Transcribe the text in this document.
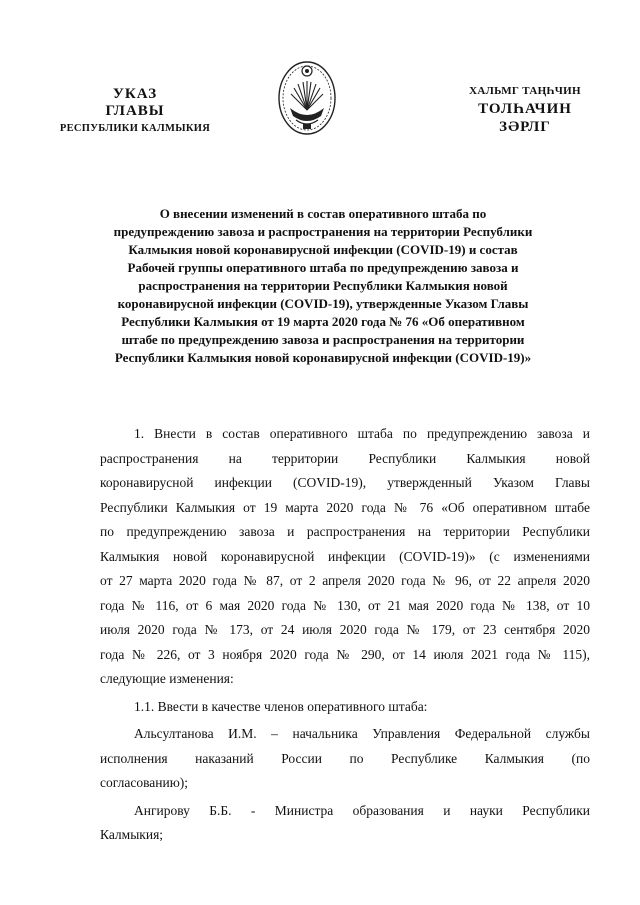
УКАЗ
ГЛАВЫ
РЕСПУБЛИКИ КАЛМЫКИЯ
ХАЛЬМГ ТАҢҺЧИН
ТОЛҺАЧИН
ЗӘРЛГ
О внесении изменений в состав оперативного штаба по
предупреждению завоза и распространения на территории Республики
Калмыкия новой коронавирусной инфекции (COVID-19) и состав
Рабочей группы оперативного штаба по предупреждению завоза и
распространения на территории Республики Калмыкия новой
коронавирусной инфекции (COVID-19), утвержденные Указом Главы
Республики Калмыкия от 19 марта 2020 года № 76 «Об оперативном
штабе по предупреждению завоза и распространения на территории
Республики Калмыкия новой коронавирусной инфекции (COVID-19)»
1. Внести в состав оперативного штаба по предупреждению завоза и
распространения на территории Республики Калмыкия новой
коронавирусной инфекции (COVID-19), утвержденный Указом Главы
Республики Калмыкия от 19 марта 2020 года № 76 «Об оперативном штабе
по предупреждению завоза и распространения на территории Республики
Калмыкия новой коронавирусной инфекции (COVID-19)» (с изменениями
от 27 марта 2020 года № 87, от 2 апреля 2020 года № 96, от 22 апреля 2020
года № 116, от 6 мая 2020 года № 130, от 21 мая 2020 года № 138, от 10
июля 2020 года № 173, от 24 июля 2020 года № 179, от 23 сентября 2020
года № 226, от 3 ноября 2020 года № 290, от 14 июля 2021 года № 115),
следующие изменения:
1.1. Ввести в качестве членов оперативного штаба:
Альсултанова И.М. – начальника Управления Федеральной службы
исполнения наказаний России по Республике Калмыкия (по
согласованию);
Ангирову Б.Б. - Министра образования и науки Республики
Калмыкия;
